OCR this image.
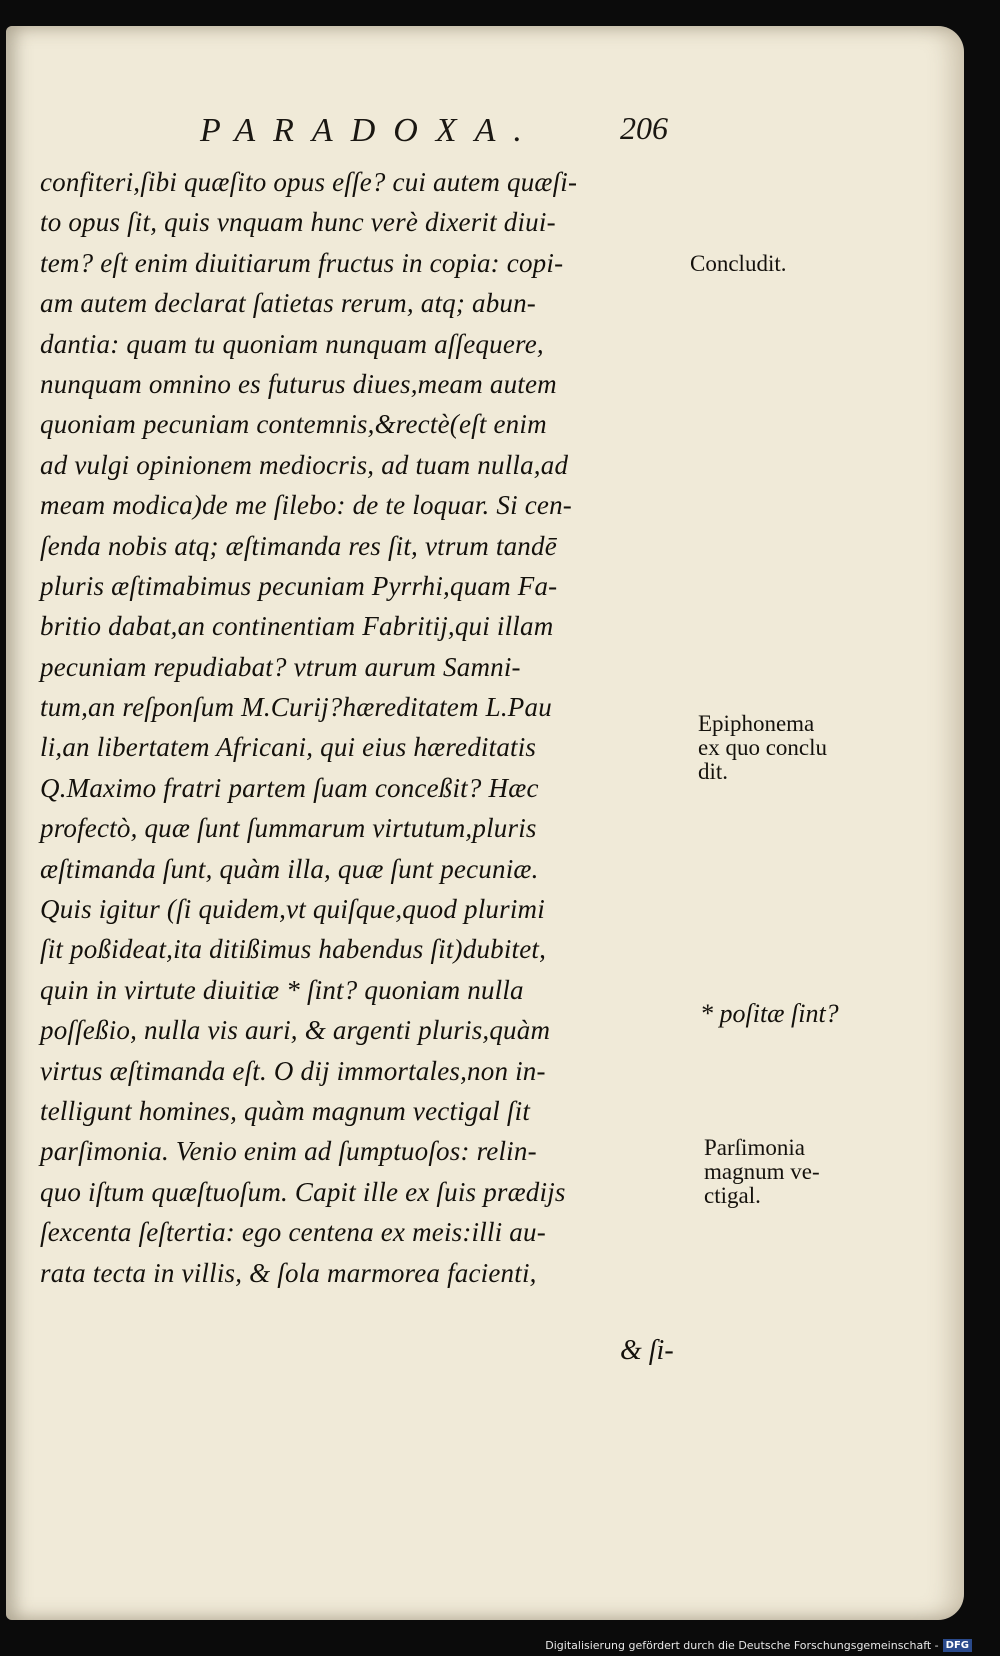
PARADOXA.	206
confiteri,ſibi quæſito opus eſſe? cui autem quæſi-
to opus ſit, quis vnquam hunc verè dixerit diui-
tem? eſt enim diuitiarum fructus in copia: copi-
am autem declarat ſatietas rerum, atq; abun-
dantia: quam tu quoniam nunquam aſſequere,
nunquam omnino es futurus diues,meam autem
quoniam pecuniam contemnis,&rectè(eſt enim
ad vulgi opinionem mediocris, ad tuam nulla,ad
meam modica)de me ſilebo: de te loquar. Si cen-
ſenda nobis atq; æſtimanda res ſit, vtrum tandē
pluris æſtimabimus pecuniam Pyrrhi,quam Fa-
britio dabat,an continentiam Fabritij,qui illam
pecuniam repudiabat? vtrum aurum Samni-
tum,an reſponſum M.Curij?hæreditatem L.Pau
li,an libertatem Africani, qui eius hæreditatis
Q.Maximo fratri partem ſuam conceßit? Hæc
profectò, quæ ſunt ſummarum virtutum,pluris
æſtimanda ſunt, quàm illa, quæ ſunt pecuniæ.
Quis igitur (ſi quidem,vt quiſque,quod plurimi
ſit poßideat,ita ditißimus habendus ſit)dubitet,
quin in virtute diuitiæ * ſint? quoniam nulla
poſſeßio, nulla vis auri, & argenti pluris,quàm
virtus æſtimanda eſt. O dij immortales,non in-
telligunt homines, quàm magnum vectigal ſit
parſimonia. Venio enim ad ſumptuoſos: relin-
quo iſtum quæſtuoſum. Capit ille ex ſuis prædijs
ſexcenta ſeſtertia: ego centena ex meis:illi au-
rata tecta in villis, & ſola marmorea facienti,
& ſi-
Concludit.
Epiphonema
ex quo conclu
dit.
* poſitæ ſint?
Parſimonia
magnum ve-
ctigal.
Digitalisierung gefördert durch die Deutsche Forschungsgemeinschaft - DFG
